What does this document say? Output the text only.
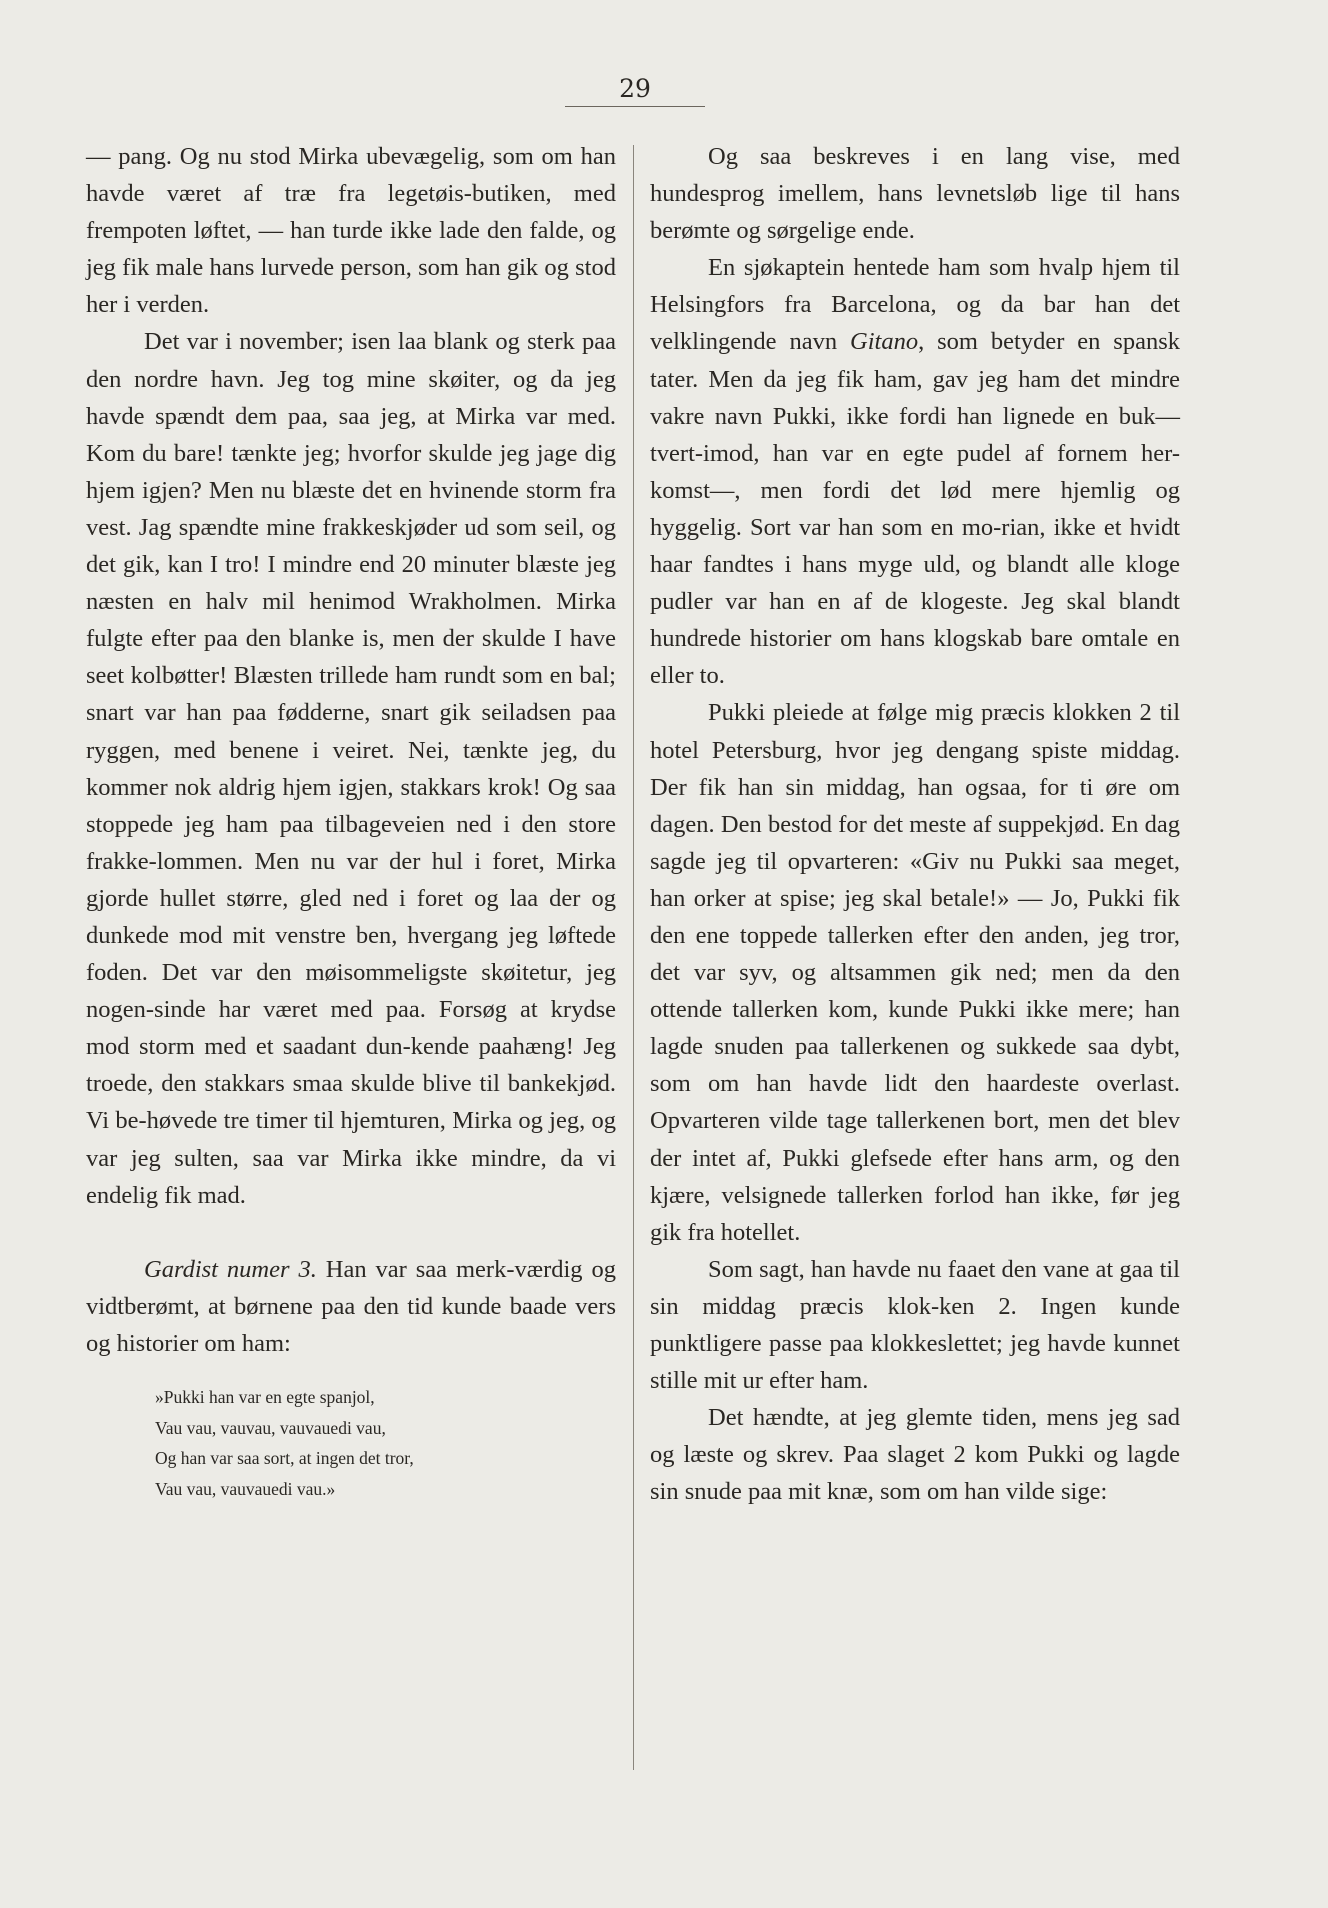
29

— pang. Og nu stod Mirka ubevægelig, som om han havde været af træ fra legetøis-butiken, med frempoten løftet, — han turde ikke lade den falde, og jeg fik male hans lurvede person, som han gik og stod her i verden.

Det var i november; isen laa blank og sterk paa den nordre havn. Jeg tog mine skøiter, og da jeg havde spændt dem paa, saa jeg, at Mirka var med. Kom du bare! tænkte jeg; hvorfor skulde jeg jage dig hjem igjen? Men nu blæste det en hvinende storm fra vest. Jag spændte mine frakkeskjøder ud som seil, og det gik, kan I tro! I mindre end 20 minuter blæste jeg næsten en halv mil henimod Wrakholmen. Mirka fulgte efter paa den blanke is, men der skulde I have seet kolbøtter! Blæsten trillede ham rundt som en bal; snart var han paa fødderne, snart gik seiladsen paa ryggen, med benene i veiret. Nei, tænkte jeg, du kommer nok aldrig hjem igjen, stakkars krok! Og saa stoppede jeg ham paa tilbageveien ned i den store frakke-lommen. Men nu var der hul i foret, Mirka gjorde hullet større, gled ned i foret og laa der og dunkede mod mit venstre ben, hvergang jeg løftede foden. Det var den møisommeligste skøitetur, jeg nogen-sinde har været med paa. Forsøg at krydse mod storm med et saadant dun-kende paahæng! Jeg troede, den stakkars smaa skulde blive til bankekjød. Vi be-høvede tre timer til hjemturen, Mirka og jeg, og var jeg sulten, saa var Mirka ikke mindre, da vi endelig fik mad.

Gardist numer 3. Han var saa merk-værdig og vidtberømt, at børnene paa den tid kunde baade vers og historier om ham:

»Pukki han var en egte spanjol,
Vau vau, vauvau, vauvauedi vau,
Og han var saa sort, at ingen det tror,
Vau vau, vauvauedi vau.»

Og saa beskreves i en lang vise, med hundesprog imellem, hans levnetsløb lige til hans berømte og sørgelige ende.

En sjøkaptein hentede ham som hvalp hjem til Helsingfors fra Barcelona, og da bar han det velklingende navn Gitano, som betyder en spansk tater. Men da jeg fik ham, gav jeg ham det mindre vakre navn Pukki, ikke fordi han lignede en buk—tvert-imod, han var en egte pudel af fornem her-komst—, men fordi det lød mere hjemlig og hyggelig. Sort var han som en mo-rian, ikke et hvidt haar fandtes i hans myge uld, og blandt alle kloge pudler var han en af de klogeste. Jeg skal blandt hundrede historier om hans klogskab bare omtale en eller to.

Pukki pleiede at følge mig præcis klokken 2 til hotel Petersburg, hvor jeg dengang spiste middag. Der fik han sin middag, han ogsaa, for ti øre om dagen. Den bestod for det meste af suppekjød. En dag sagde jeg til opvarteren: «Giv nu Pukki saa meget, han orker at spise; jeg skal betale!» — Jo, Pukki fik den ene toppede tallerken efter den anden, jeg tror, det var syv, og altsammen gik ned; men da den ottende tallerken kom, kunde Pukki ikke mere; han lagde snuden paa tallerkenen og sukkede saa dybt, som om han havde lidt den haardeste overlast. Opvarteren vilde tage tallerkenen bort, men det blev der intet af, Pukki glefsede efter hans arm, og den kjære, velsignede tallerken forlod han ikke, før jeg gik fra hotellet.

Som sagt, han havde nu faaet den vane at gaa til sin middag præcis klok-ken 2. Ingen kunde punktligere passe paa klokkeslettet; jeg havde kunnet stille mit ur efter ham.

Det hændte, at jeg glemte tiden, mens jeg sad og læste og skrev. Paa slaget 2 kom Pukki og lagde sin snude paa mit knæ, som om han vilde sige:
